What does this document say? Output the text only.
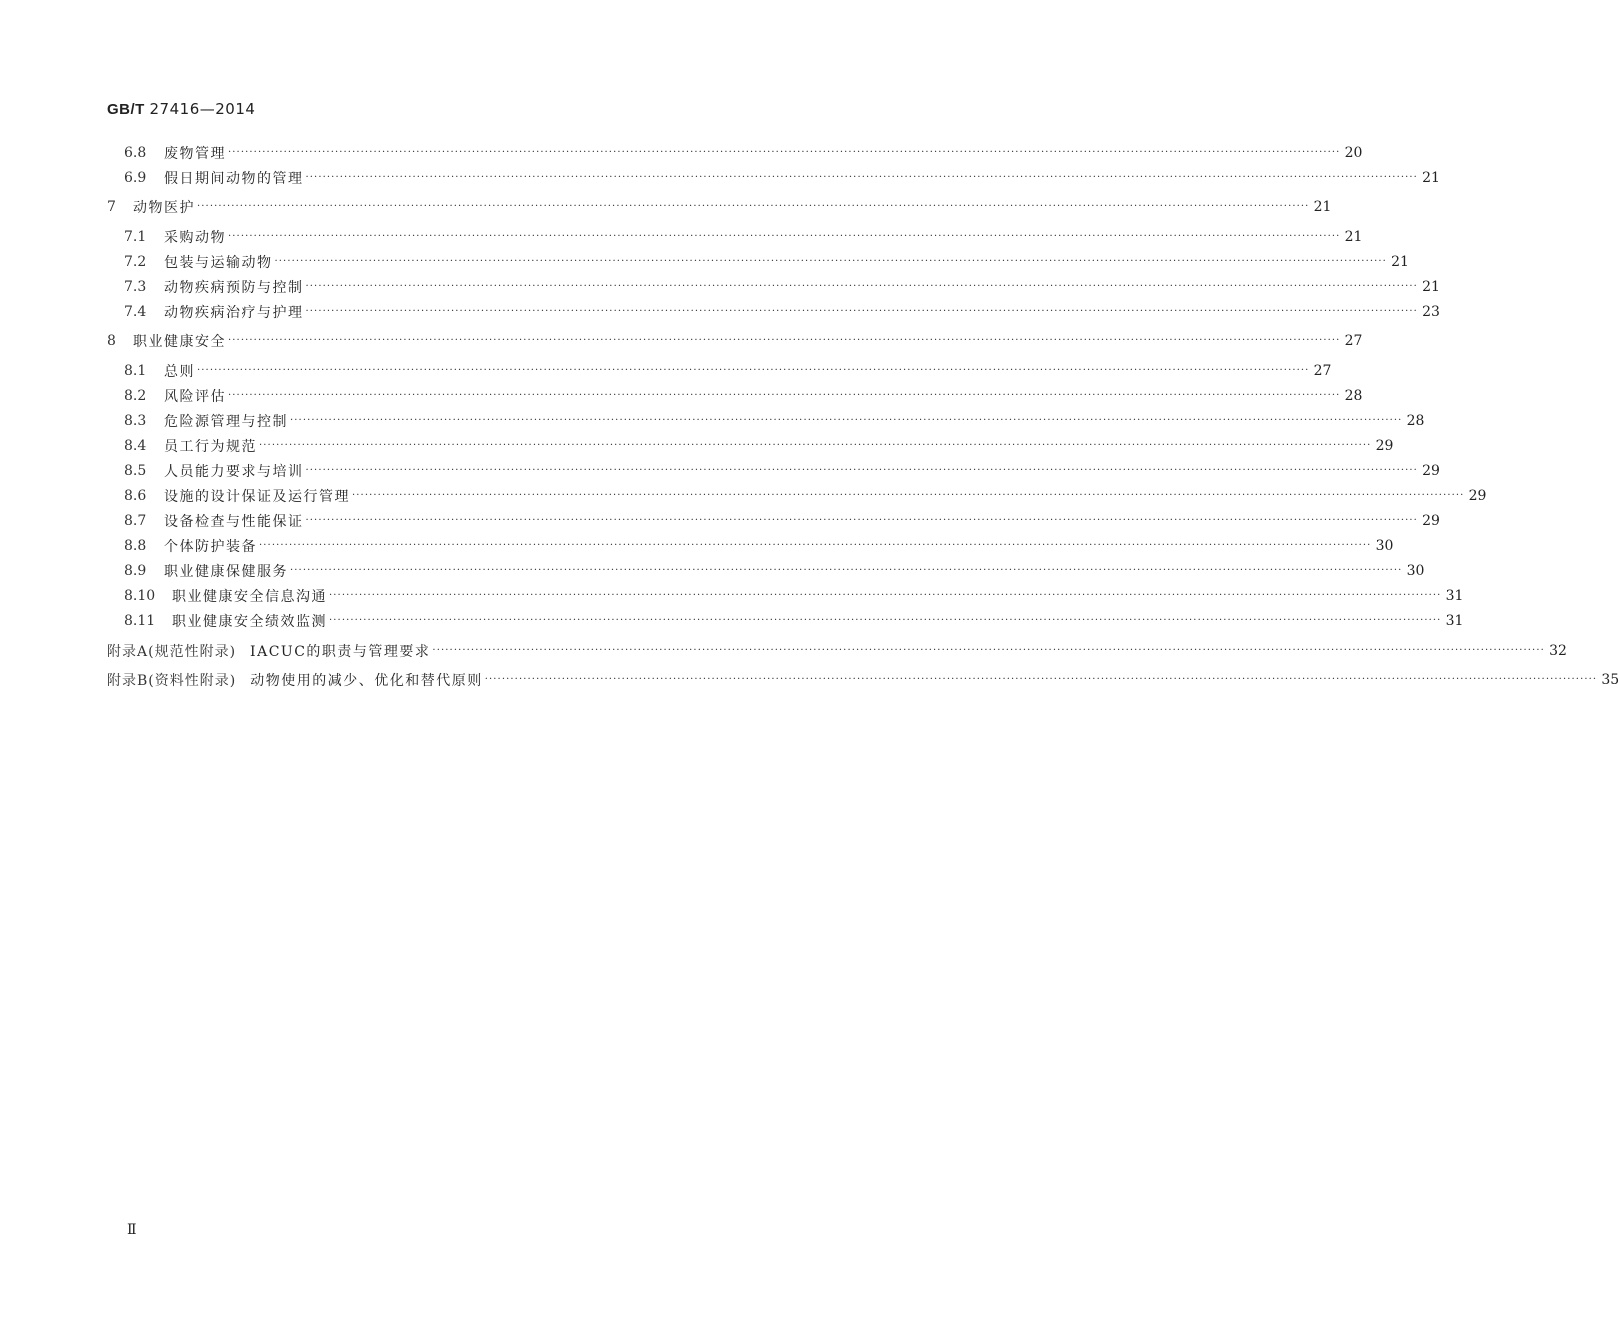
GB/T 27416—2014
6.8	废物管理 ···································································································································································································································································· 20
6.9	假日期间动物的管理 ···································································································································································································································································· 21
7	动物医护 ···································································································································································································································································· 21
7.1	采购动物 ···································································································································································································································································· 21
7.2	包装与运输动物 ···································································································································································································································································· 21
7.3	动物疾病预防与控制 ···································································································································································································································································· 21
7.4	动物疾病治疗与护理 ···································································································································································································································································· 23
8	职业健康安全 ···································································································································································································································································· 27
8.1	总则 ···································································································································································································································································· 27
8.2	风险评估 ···································································································································································································································································· 28
8.3	危险源管理与控制 ···································································································································································································································································· 28
8.4	员工行为规范 ···································································································································································································································································· 29
8.5	人员能力要求与培训 ···································································································································································································································································· 29
8.6	设施的设计保证及运行管理 ···································································································································································································································································· 29
8.7	设备检查与性能保证 ···································································································································································································································································· 29
8.8	个体防护装备 ···································································································································································································································································· 30
8.9	职业健康保健服务 ···································································································································································································································································· 30
8.10	职业健康安全信息沟通 ···································································································································································································································································· 31
8.11	职业健康安全绩效监测 ···································································································································································································································································· 31
附录A(规范性附录) IACUC的职责与管理要求 ···································································································································································································································································· 32
附录B(资料性附录) 动物使用的减少、优化和替代原则 ···································································································································································································································································· 35
Ⅱ
